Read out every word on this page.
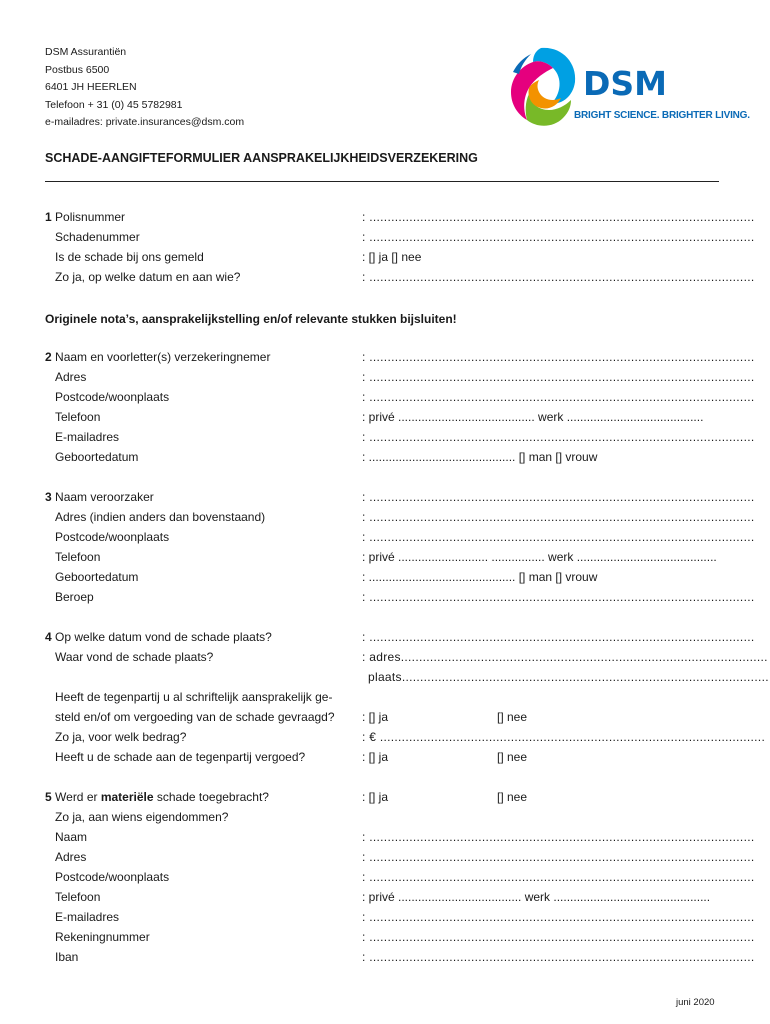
DSM Assurantiën
Postbus 6500
6401 JH HEERLEN
Telefoon + 31 (0) 45 5782981
e-mailadres: private.insurances@dsm.com
DSM
BRIGHT SCIENCE. BRIGHTER LIVING.
SCHADE-AANGIFTEFORMULIER AANSPRAKELIJKHEIDSVERZEKERING
1 Polisnummer	: ..........................................................................................................
Schadenummer	: ..........................................................................................................
Is de schade bij ons gemeld	: [] ja [] nee
Zo ja, op welke datum en aan wie?	: ..........................................................................................................
Originele nota’s, aansprakelijkstelling en/of relevante stukken bijsluiten!
2 Naam en voorletter(s) verzekeringnemer	: ..........................................................................................................
Adres	: ..........................................................................................................
Postcode/woonplaats	: ..........................................................................................................
Telefoon	: privé ......................................... werk .........................................
E-mailadres	: ..........................................................................................................
Geboortedatum	: ............................................ [] man [] vrouw
3 Naam veroorzaker	: ..........................................................................................................
Adres (indien anders dan bovenstaand)	: ..........................................................................................................
Postcode/woonplaats	: ..........................................................................................................
Telefoon	: privé ........................... ................ werk ..........................................
Geboortedatum	: ............................................ [] man [] vrouw
Beroep	: ..........................................................................................................
4 Op welke datum vond de schade plaats?	: ..........................................................................................................
Waar vond de schade plaats?	: adres.....................................................................................................
plaats.....................................................................................................
Heeft de tegenpartij u al schriftelijk aansprakelijk ge-
steld en/of om vergoeding van de schade gevraagd? : [] ja	[] nee
Zo ja, voor welk bedrag?	: € ..........................................................................................................
Heeft u de schade aan de tegenpartij vergoed?	: [] ja	[] nee
5 Werd er materiële schade toegebracht?	: [] ja	[] nee
Zo ja, aan wiens eigendommen?
Naam	: ..........................................................................................................
Adres	: ..........................................................................................................
Postcode/woonplaats	: ..........................................................................................................
Telefoon	: privé ..................................... werk ...............................................
E-mailadres	: ..........................................................................................................
Rekeningnummer	: ..........................................................................................................
Iban	: ..........................................................................................................
juni 2020
